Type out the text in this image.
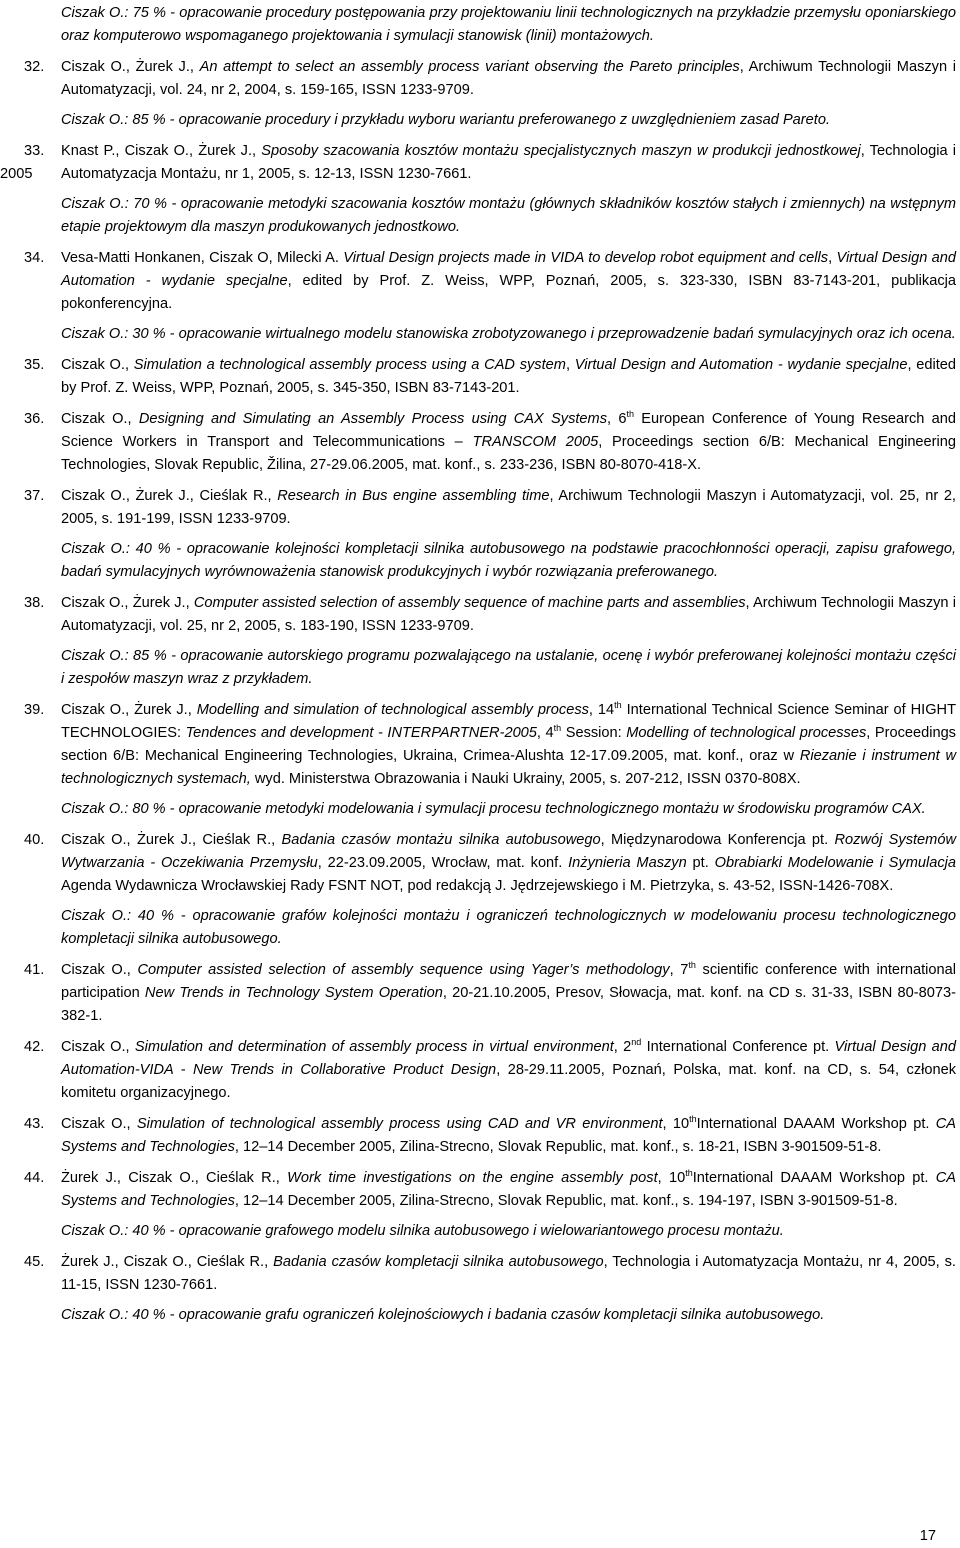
2005
Ciszak O.: 75 % - opracowanie procedury postępowania przy projektowaniu linii technologicznych na przykładzie przemysłu oponiarskiego oraz komputerowo wspomaganego projektowania i symulacji stanowisk (linii) montażowych.
32.	Ciszak O., Żurek J., An attempt to select an assembly process variant observing the Pareto principles, Archiwum Technologii Maszyn i Automatyzacji, vol. 24, nr 2, 2004, s. 159-165, ISSN 1233-9709.
Ciszak O.: 85 % - opracowanie procedury i przykładu wyboru wariantu preferowanego z uwzględnieniem zasad Pareto.
33.	Knast P., Ciszak O., Żurek J., Sposoby szacowania kosztów montażu specjalistycznych maszyn w produkcji jednostkowej, Technologia i Automatyzacja Montażu, nr 1, 2005, s. 12-13, ISSN 1230-7661.
Ciszak O.: 70 % - opracowanie metodyki szacowania kosztów montażu (głównych składników kosztów stałych i zmiennych) na wstępnym etapie projektowym dla maszyn produkowanych jednostkowo.
34.	Vesa-Matti Honkanen, Ciszak O, Milecki A. Virtual Design projects made in VIDA to develop robot equipment and cells, Virtual Design and Automation - wydanie specjalne, edited by Prof. Z. Weiss, WPP, Poznań, 2005, s. 323-330, ISBN 83-7143-201, publikacja pokonferencyjna.
Ciszak O.: 30 % - opracowanie wirtualnego modelu stanowiska zrobotyzowanego i przeprowadzenie badań symulacyjnych oraz ich ocena.
35.	Ciszak O., Simulation a technological assembly process using a CAD system, Virtual Design and Automation - wydanie specjalne, edited by Prof. Z. Weiss, WPP, Poznań, 2005, s. 345-350, ISBN 83-7143-201.
36.	Ciszak O., Designing and Simulating an Assembly Process using CAX Systems, 6th European Conference of Young Research and Science Workers in Transport and Telecommunications – TRANSCOM 2005, Proceedings section 6/B: Mechanical Engineering Technologies, Slovak Republic, Žilina, 27-29.06.2005, mat. konf., s. 233-236, ISBN 80-8070-418-X.
37.	Ciszak O., Żurek J., Cieślak R., Research in Bus engine assembling time, Archiwum Technologii Maszyn i Automatyzacji, vol. 25, nr 2, 2005, s. 191-199, ISSN 1233-9709.
Ciszak O.: 40 % - opracowanie kolejności kompletacji silnika autobusowego na podstawie pracochłonności operacji, zapisu grafowego, badań symulacyjnych wyrównoważenia stanowisk produkcyjnych i wybór rozwiązania preferowanego.
38.	Ciszak O., Żurek J., Computer assisted selection of assembly sequence of machine parts and assemblies, Archiwum Technologii Maszyn i Automatyzacji, vol. 25, nr 2, 2005, s. 183-190, ISSN 1233-9709.
Ciszak O.: 85 % - opracowanie autorskiego programu pozwalającego na ustalanie, ocenę i wybór preferowanej kolejności montażu części i zespołów maszyn wraz z przykładem.
39.	Ciszak O., Żurek J., Modelling and simulation of technological assembly process, 14th International Technical Science Seminar of HIGHT TECHNOLOGIES: Tendences and development - INTERPARTNER-2005, 4th Session: Modelling of technological processes, Proceedings section 6/B: Mechanical Engineering Technologies, Ukraina, Crimea-Alushta 12-17.09.2005, mat. konf., oraz w Riezanie i instrument w technologicznych systemach, wyd. Ministerstwa Obrazowania i Nauki Ukrainy, 2005, s. 207-212, ISSN 0370-808X.
Ciszak O.: 80 % - opracowanie metodyki modelowania i symulacji procesu technologicznego montażu w środowisku programów CAX.
40.	Ciszak O., Żurek J., Cieślak R., Badania czasów montażu silnika autobusowego, Międzynarodowa Konferencja pt. Rozwój Systemów Wytwarzania - Oczekiwania Przemysłu, 22-23.09.2005, Wrocław, mat. konf. Inżynieria Maszyn pt. Obrabiarki Modelowanie i Symulacja Agenda Wydawnicza Wrocławskiej Rady FSNT NOT, pod redakcją J. Jędrzejewskiego i M. Pietrzyka, s. 43-52, ISSN-1426-708X.
Ciszak O.: 40 % - opracowanie grafów kolejności montażu i ograniczeń technologicznych w modelowaniu procesu technologicznego kompletacji silnika autobusowego.
41.	Ciszak O., Computer assisted selection of assembly sequence using Yager’s methodology, 7th scientific conference with international participation New Trends in Technology System Operation, 20-21.10.2005, Presov, Słowacja, mat. konf. na CD s. 31-33, ISBN 80-8073-382-1.
42.	Ciszak O., Simulation and determination of assembly process in virtual environment, 2nd International Conference pt. Virtual Design and Automation-VIDA - New Trends in Collaborative Product Design, 28-29.11.2005, Poznań, Polska, mat. konf. na CD, s. 54, członek komitetu organizacyjnego.
43.	Ciszak O., Simulation of technological assembly process using CAD and VR environment, 10thInternational DAAAM Workshop pt. CA Systems and Technologies, 12–14 December 2005, Zilina-Strecno, Slovak Republic, mat. konf., s. 18-21, ISBN 3-901509-51-8.
44.	Żurek J., Ciszak O., Cieślak R., Work time investigations on the engine assembly post, 10thInternational DAAAM Workshop pt. CA Systems and Technologies, 12–14 December 2005, Zilina-Strecno, Slovak Republic, mat. konf., s. 194-197, ISBN 3-901509-51-8.
Ciszak O.: 40 % - opracowanie grafowego modelu silnika autobusowego i wielowariantowego procesu montażu.
45.	Żurek J., Ciszak O., Cieślak R., Badania czasów kompletacji silnika autobusowego, Technologia i Automatyzacja Montażu, nr 4, 2005, s. 11-15, ISSN 1230-7661.
Ciszak O.: 40 % - opracowanie grafu ograniczeń kolejnościowych i badania czasów kompletacji silnika autobusowego.
17
